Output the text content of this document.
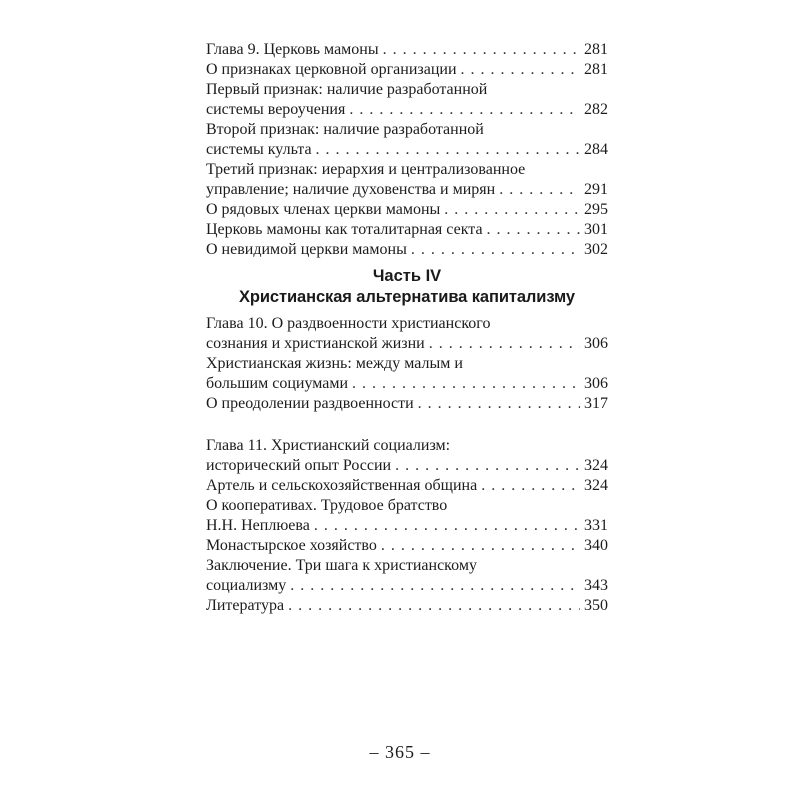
Глава 9. Церковь мамоны . . .	281
О признаках церковной организации . . .	281
Первый признак: наличие разработанной
системы вероучения . . .	282
Второй признак: наличие разработанной
системы культа . . .	284
Третий признак: иерархия и централизованное
управление; наличие духовенства и мирян . . .	291
О рядовых членах церкви мамоны . . .	295
Церковь мамоны как тоталитарная секта . . .	301
О невидимой церкви мамоны . . .	302
Часть IV
Христианская альтернатива капитализму
Глава 10. О раздвоенности христианского
сознания и христианской жизни . . .	306
Христианская жизнь: между малым и
большим социумами . . .	306
О преодолении раздвоенности . . .	317
Глава 11. Христианский социализм:
исторический опыт России . . .	324
Артель и сельскохозяйственная община . . .	324
О кооперативах. Трудовое братство
Н.Н. Неплюева . . .	331
Монастырское хозяйство . . .	340
Заключение. Три шага к христианскому
социализму . . .	343
Литература . . .	350
– 365 –
